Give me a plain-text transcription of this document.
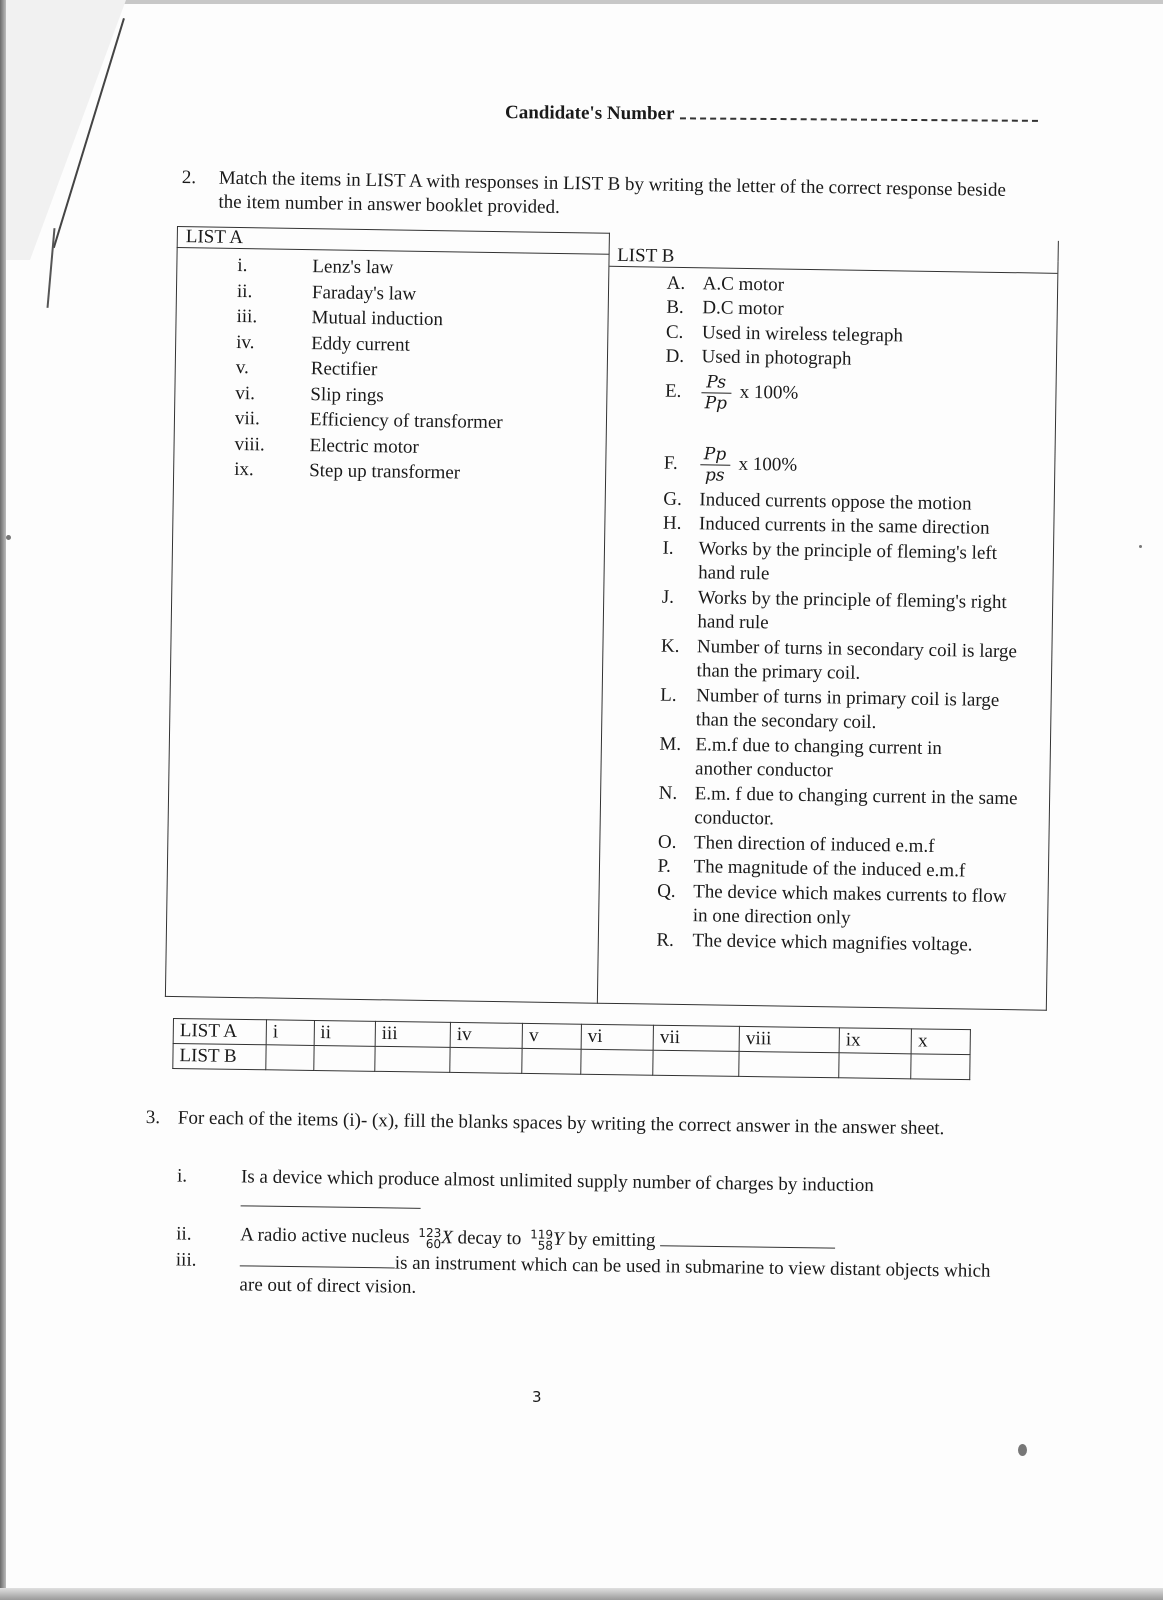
Candidate's Number
2. Match the items in LIST A with responses in LIST B by writing the letter of the correct response beside the item number in answer booklet provided.
LIST A

LIST B
A. A.C motor
B. D.C motor
C. Used in wireless telegraph
D. Used in photograph
E.	$\frac{Ps}{Pp}$ x 100%
F.	$\frac{Pp}{ps}$ x 100%
G. Induced currents oppose the motion
H. Induced currents in the same direction
I.	Works by the principle of fleming's left hand rule
J.	Works by the principle of fleming's right hand rule
K. Number of turns in secondary coil is large than the primary coil.
L.	Number of turns in primary coil is large than the secondary coil.
M. E.m.f due to changing current in another conductor
N. E.m. f due to changing current in the same conductor.
O. Then direction of induced e.m.f
P.	The magnitude of the induced e.m.f
Q. The device which makes currents to flow in one direction only
R. The device which magnifies voltage.

i.	Lenz's law
ii.	Faraday's law
iii.	Mutual induction
iv.	Eddy current
v.	Rectifier
vi.	Slip rings
vii.	Efficiency of transformer
viii.	Electric motor
ix.	Step up transformer
LIST A	i	ii	iii	iv	v	vi	vii	viii	ix	x
LIST B										
3. For each of the items (i)- (x), fill the blanks spaces by writing the correct answer in the answer sheet.
i.	Is a device which produce almost unlimited supply number of charges by induction
ii.	A radio active nucleus 123
60 X decay to 119
58 Y by emitting
iii.	is an instrument which can be used in submarine to view distant objects which are out of direct vision.
3
